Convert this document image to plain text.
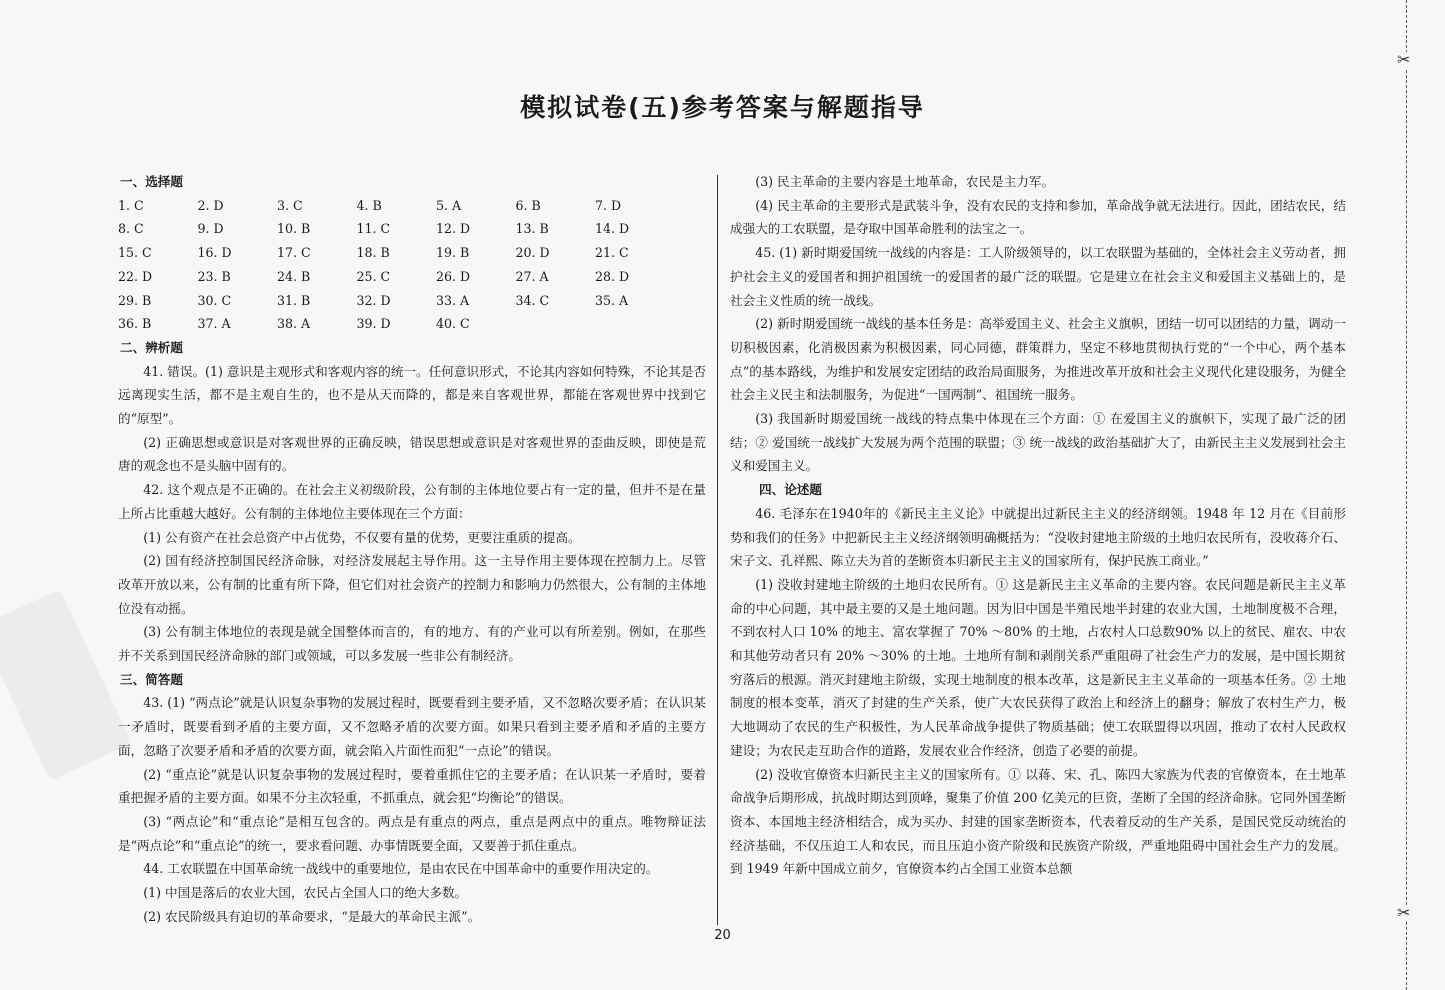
模拟试卷(五)参考答案与解题指导
一、选择题
1. C	2. D	3. C	4. B	5. A	6. B	7. D
8. C	9. D	10. B	11. C	12. D	13. B	14. D
15. C	16. D	17. C	18. B	19. B	20. D	21. C
22. D	23. B	24. B	25. C	26. D	27. A	28. D
29. B	30. C	31. B	32. D	33. A	34. C	35. A
36. B	37. A	38. A	39. D	40. C
二、辨析题
41. 错误。(1) 意识是主观形式和客观内容的统一。任何意识形式，不论其内容如何特殊，不论其是否远离现实生活，都不是主观自生的，也不是从天而降的，都是来自客观世界，都能在客观世界中找到它的“原型”。
(2) 正确思想或意识是对客观世界的正确反映，错误思想或意识是对客观世界的歪曲反映，即使是荒唐的观念也不是头脑中固有的。
42. 这个观点是不正确的。在社会主义初级阶段，公有制的主体地位要占有一定的量，但并不是在量上所占比重越大越好。公有制的主体地位主要体现在三个方面：
(1) 公有资产在社会总资产中占优势，不仅要有量的优势，更要注重质的提高。
(2) 国有经济控制国民经济命脉，对经济发展起主导作用。这一主导作用主要体现在控制力上。尽管改革开放以来，公有制的比重有所下降，但它们对社会资产的控制力和影响力仍然很大，公有制的主体地位没有动摇。
(3) 公有制主体地位的表现是就全国整体而言的，有的地方、有的产业可以有所差别。例如，在那些并不关系到国民经济命脉的部门或领域，可以多发展一些非公有制经济。
三、简答题
43. (1) “两点论”就是认识复杂事物的发展过程时，既要看到主要矛盾，又不忽略次要矛盾；在认识某一矛盾时，既要看到矛盾的主要方面，又不忽略矛盾的次要方面。如果只看到主要矛盾和矛盾的主要方面，忽略了次要矛盾和矛盾的次要方面，就会陷入片面性而犯“一点论”的错误。
(2) “重点论”就是认识复杂事物的发展过程时，要着重抓住它的主要矛盾；在认识某一矛盾时，要着重把握矛盾的主要方面。如果不分主次轻重，不抓重点，就会犯“均衡论”的错误。
(3) “两点论”和“重点论”是相互包含的。两点是有重点的两点，重点是两点中的重点。唯物辩证法是“两点论”和“重点论”的统一，要求看问题、办事情既要全面，又要善于抓住重点。
44. 工农联盟在中国革命统一战线中的重要地位，是由农民在中国革命中的重要作用决定的。
(1) 中国是落后的农业大国，农民占全国人口的绝大多数。
(2) 农民阶级具有迫切的革命要求，“是最大的革命民主派”。
(3) 民主革命的主要内容是土地革命，农民是主力军。
(4) 民主革命的主要形式是武装斗争，没有农民的支持和参加，革命战争就无法进行。因此，团结农民，结成强大的工农联盟，是夺取中国革命胜利的法宝之一。
45. (1) 新时期爱国统一战线的内容是：工人阶级领导的，以工农联盟为基础的，全体社会主义劳动者，拥护社会主义的爱国者和拥护祖国统一的爱国者的最广泛的联盟。它是建立在社会主义和爱国主义基础上的，是社会主义性质的统一战线。
(2) 新时期爱国统一战线的基本任务是：高举爱国主义、社会主义旗帜，团结一切可以团结的力量，调动一切积极因素，化消极因素为积极因素，同心同德，群策群力，坚定不移地贯彻执行党的“一个中心，两个基本点”的基本路线，为维护和发展安定团结的政治局面服务，为推进改革开放和社会主义现代化建设服务，为健全社会主义民主和法制服务，为促进“一国两制”、祖国统一服务。
(3) 我国新时期爱国统一战线的特点集中体现在三个方面：① 在爱国主义的旗帜下，实现了最广泛的团结；② 爱国统一战线扩大发展为两个范围的联盟；③ 统一战线的政治基础扩大了，由新民主主义发展到社会主义和爱国主义。
四、论述题
46. 毛泽东在1940年的《新民主主义论》中就提出过新民主主义的经济纲领。1948 年 12 月在《目前形势和我们的任务》中把新民主主义经济纲领明确概括为：“没收封建地主阶级的土地归农民所有，没收蒋介石、宋子文、孔祥熙、陈立夫为首的垄断资本归新民主主义的国家所有，保护民族工商业。”
(1) 没收封建地主阶级的土地归农民所有。① 这是新民主主义革命的主要内容。农民问题是新民主主义革命的中心问题，其中最主要的又是土地问题。因为旧中国是半殖民地半封建的农业大国，土地制度极不合理，不到农村人口 10% 的地主、富农掌握了 70% ～80% 的土地，占农村人口总数90% 以上的贫民、雇农、中农和其他劳动者只有 20% ～30% 的土地。土地所有制和剥削关系严重阻碍了社会生产力的发展，是中国长期贫穷落后的根源。消灭封建地主阶级，实现土地制度的根本改革，这是新民主主义革命的一项基本任务。② 土地制度的根本变革，消灭了封建的生产关系，使广大农民获得了政治上和经济上的翻身；解放了农村生产力，极大地调动了农民的生产积极性，为人民革命战争提供了物质基础；使工农联盟得以巩固，推动了农村人民政权建设；为农民走互助合作的道路，发展农业合作经济，创造了必要的前提。
(2) 没收官僚资本归新民主主义的国家所有。① 以蒋、宋、孔、陈四大家族为代表的官僚资本，在土地革命战争后期形成，抗战时期达到顶峰，聚集了价值 200 亿美元的巨资，垄断了全国的经济命脉。它同外国垄断资本、本国地主经济相结合，成为买办、封建的国家垄断资本，代表着反动的生产关系，是国民党反动统治的经济基础，不仅压迫工人和农民，而且压迫小资产阶级和民族资产阶级，严重地阻碍中国社会生产力的发展。到 1949 年新中国成立前夕，官僚资本约占全国工业资本总额
20
✂
✂
